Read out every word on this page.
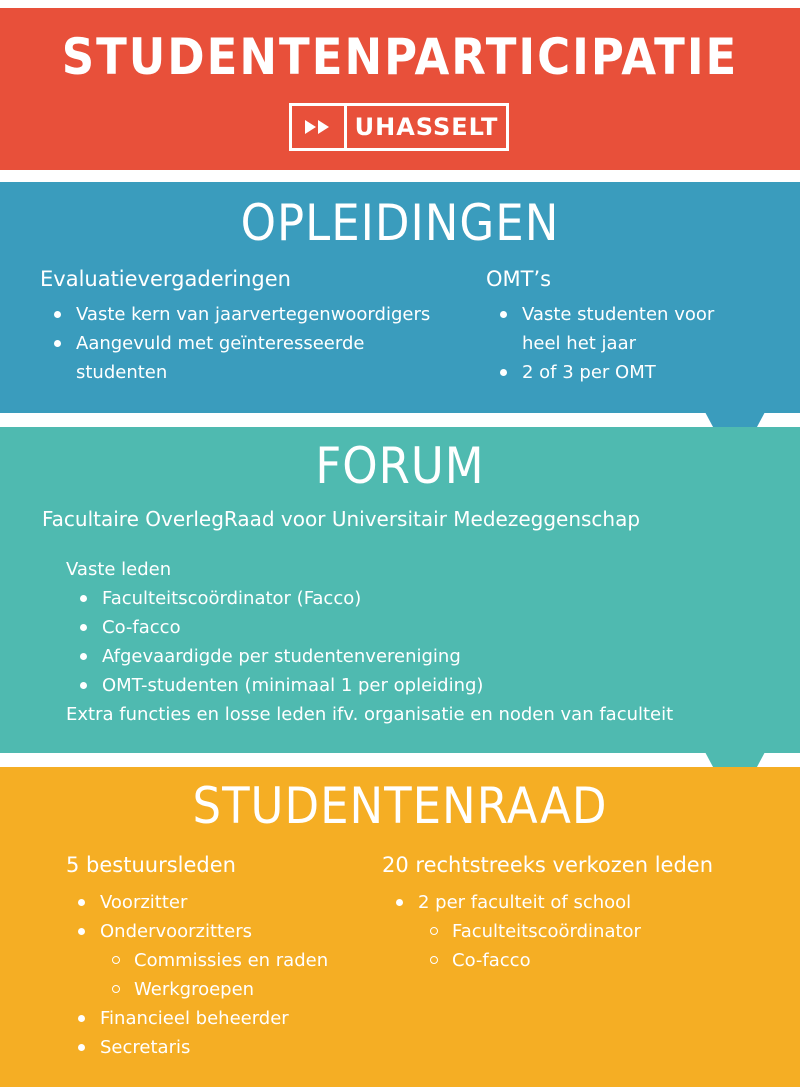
STUDENTENPARTICIPATIE
UHASSELT
OPLEIDINGEN
Evaluatievergaderingen
Vaste kern van jaarvertegenwoordigers
Aangevuld met geïnteresseerde
studenten
OMT’s
Vaste studenten voor
heel het jaar
2 of 3 per OMT
FORUM
Facultaire OverlegRaad voor Universitair Medezeggenschap
Vaste leden
Faculteitscoördinator (Facco)
Co-facco
Afgevaardigde per studentenvereniging
OMT-studenten (minimaal 1 per opleiding)
Extra functies en losse leden ifv. organisatie en noden van faculteit
STUDENTENRAAD
5 bestuursleden
Voorzitter
Ondervoorzitters
Commissies en raden
Werkgroepen
Financieel beheerder
Secretaris
20 rechtstreeks verkozen leden
2 per faculteit of school
Faculteitscoördinator
Co-facco
